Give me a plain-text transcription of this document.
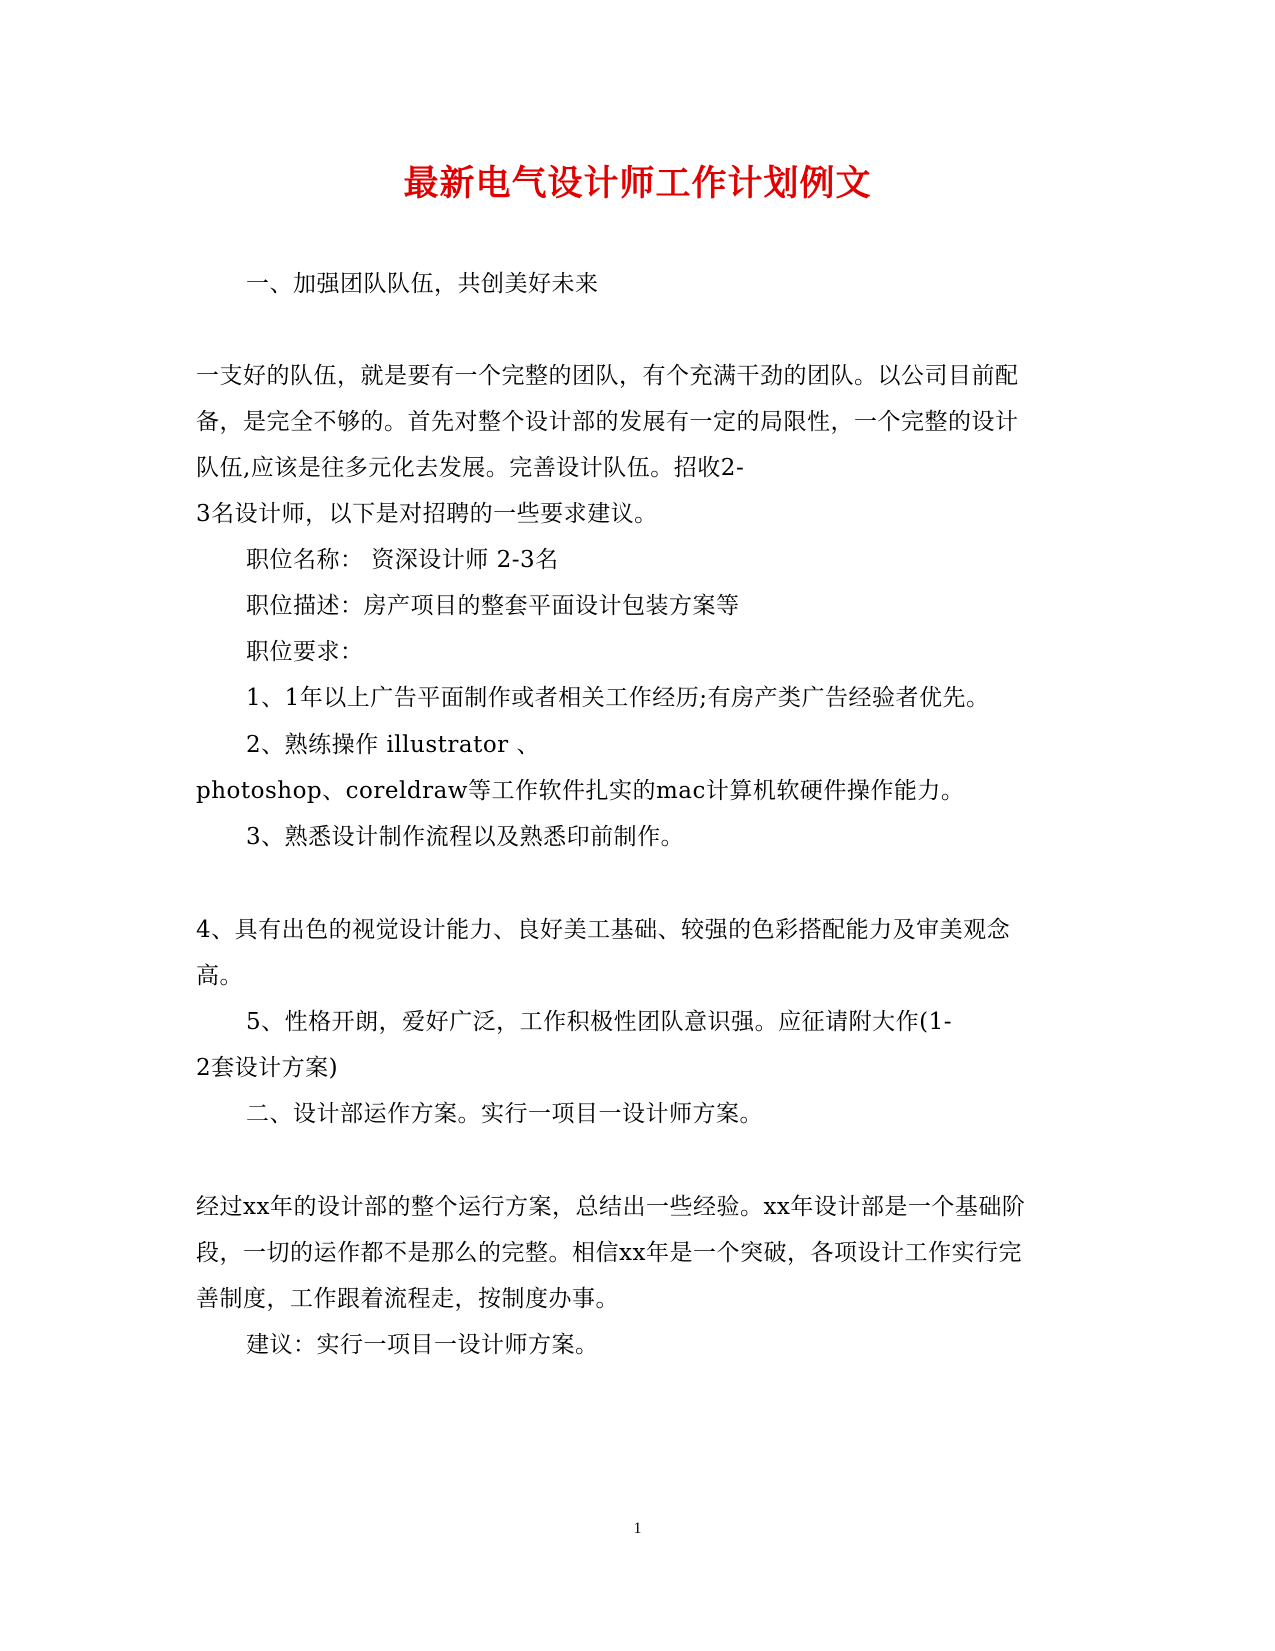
最新电气设计师工作计划例文
一、加强团队队伍，共创美好未来
一支好的队伍，就是要有一个完整的团队，有个充满干劲的团队。以公司目前配
备，是完全不够的。首先对整个设计部的发展有一定的局限性，一个完整的设计
队伍,应该是往多元化去发展。完善设计队伍。招收2-
3名设计师，以下是对招聘的一些要求建议。
职位名称： 资深设计师 2-3名
职位描述：房产项目的整套平面设计包装方案等
职位要求：
1、1年以上广告平面制作或者相关工作经历;有房产类广告经验者优先。
2、熟练操作 illustrator 、
photoshop、coreldraw等工作软件扎实的mac计算机软硬件操作能力。
3、熟悉设计制作流程以及熟悉印前制作。
4、具有出色的视觉设计能力、良好美工基础、较强的色彩搭配能力及审美观念
高。
5、性格开朗，爱好广泛，工作积极性团队意识强。应征请附大作(1-
2套设计方案)
二、设计部运作方案。实行一项目一设计师方案。
经过xx年的设计部的整个运行方案，总结出一些经验。xx年设计部是一个基础阶
段，一切的运作都不是那么的完整。相信xx年是一个突破，各项设计工作实行完
善制度，工作跟着流程走，按制度办事。
建议：实行一项目一设计师方案。
1
